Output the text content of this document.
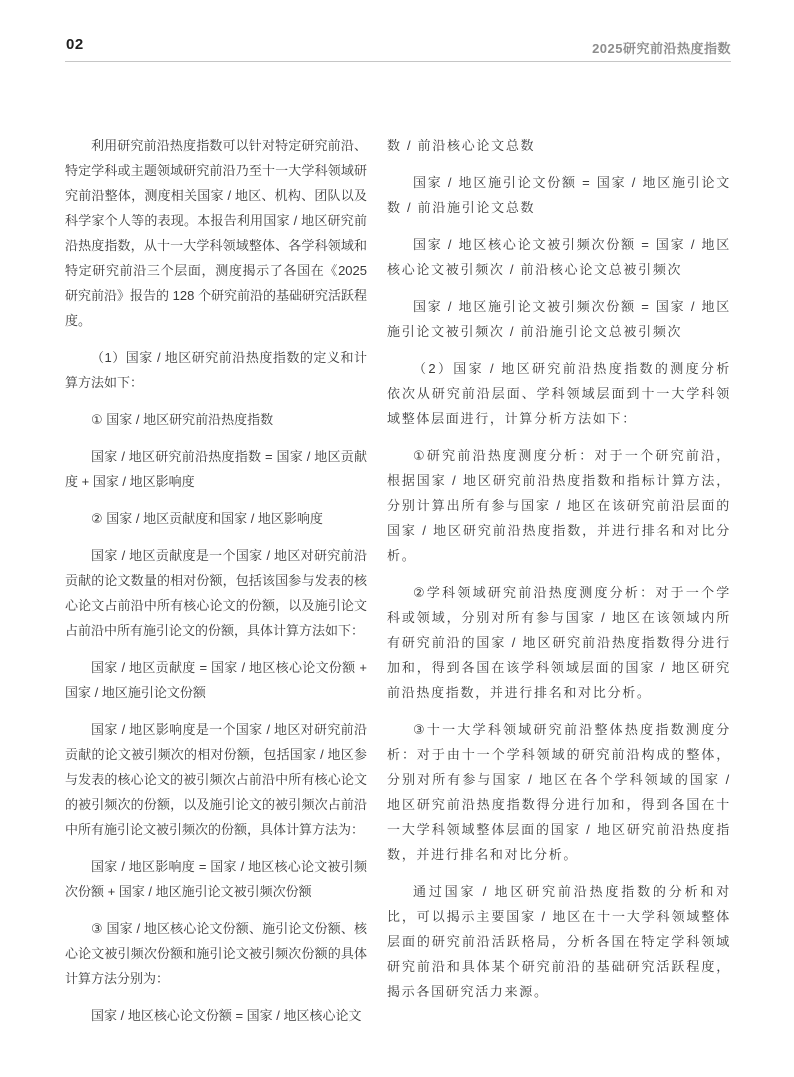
02	2025研究前沿热度指数

利用研究前沿热度指数可以针对特定研究前沿、特定学科或主题领域研究前沿乃至十一大学科领域研究前沿整体，测度相关国家 / 地区、机构、团队以及科学家个人等的表现。本报告利用国家 / 地区研究前沿热度指数，从十一大学科领域整体、各学科领域和特定研究前沿三个层面，测度揭示了各国在《2025 研究前沿》报告的 128 个研究前沿的基础研究活跃程度。

（1）国家 / 地区研究前沿热度指数的定义和计算方法如下：

① 国家 / 地区研究前沿热度指数

国家 / 地区研究前沿热度指数 = 国家 / 地区贡献度 + 国家 / 地区影响度

② 国家 / 地区贡献度和国家 / 地区影响度

国家 / 地区贡献度是一个国家 / 地区对研究前沿贡献的论文数量的相对份额，包括该国参与发表的核心论文占前沿中所有核心论文的份额，以及施引论文占前沿中所有施引论文的份额，具体计算方法如下：

国家 / 地区贡献度 = 国家 / 地区核心论文份额 + 国家 / 地区施引论文份额

国家 / 地区影响度是一个国家 / 地区对研究前沿贡献的论文被引频次的相对份额，包括国家 / 地区参与发表的核心论文的被引频次占前沿中所有核心论文的被引频次的份额，以及施引论文的被引频次占前沿中所有施引论文被引频次的份额，具体计算方法为：

国家 / 地区影响度 = 国家 / 地区核心论文被引频次份额 + 国家 / 地区施引论文被引频次份额

③ 国家 / 地区核心论文份额、施引论文份额、核心论文被引频次份额和施引论文被引频次份额的具体计算方法分别为：

国家 / 地区核心论文份额 = 国家 / 地区核心论文

数 / 前沿核心论文总数

国家 / 地区施引论文份额 = 国家 / 地区施引论文数 / 前沿施引论文总数

国家 / 地区核心论文被引频次份额 = 国家 / 地区核心论文被引频次 / 前沿核心论文总被引频次

国家 / 地区施引论文被引频次份额 = 国家 / 地区施引论文被引频次 / 前沿施引论文总被引频次

（2）国家 / 地区研究前沿热度指数的测度分析依次从研究前沿层面、学科领域层面到十一大学科领域整体层面进行，计算分析方法如下：

①研究前沿热度测度分析：对于一个研究前沿，根据国家 / 地区研究前沿热度指数和指标计算方法，分别计算出所有参与国家 / 地区在该研究前沿层面的国家 / 地区研究前沿热度指数，并进行排名和对比分析。

②学科领域研究前沿热度测度分析：对于一个学科或领域，分别对所有参与国家 / 地区在该领域内所有研究前沿的国家 / 地区研究前沿热度指数得分进行加和，得到各国在该学科领域层面的国家 / 地区研究前沿热度指数，并进行排名和对比分析。

③十一大学科领域研究前沿整体热度指数测度分析：对于由十一个学科领域的研究前沿构成的整体，分别对所有参与国家 / 地区在各个学科领域的国家 / 地区研究前沿热度指数得分进行加和，得到各国在十一大学科领域整体层面的国家 / 地区研究前沿热度指数，并进行排名和对比分析。

通过国家 / 地区研究前沿热度指数的分析和对比，可以揭示主要国家 / 地区在十一大学科领域整体层面的研究前沿活跃格局，分析各国在特定学科领域研究前沿和具体某个研究前沿的基础研究活跃程度，揭示各国研究活力来源。
